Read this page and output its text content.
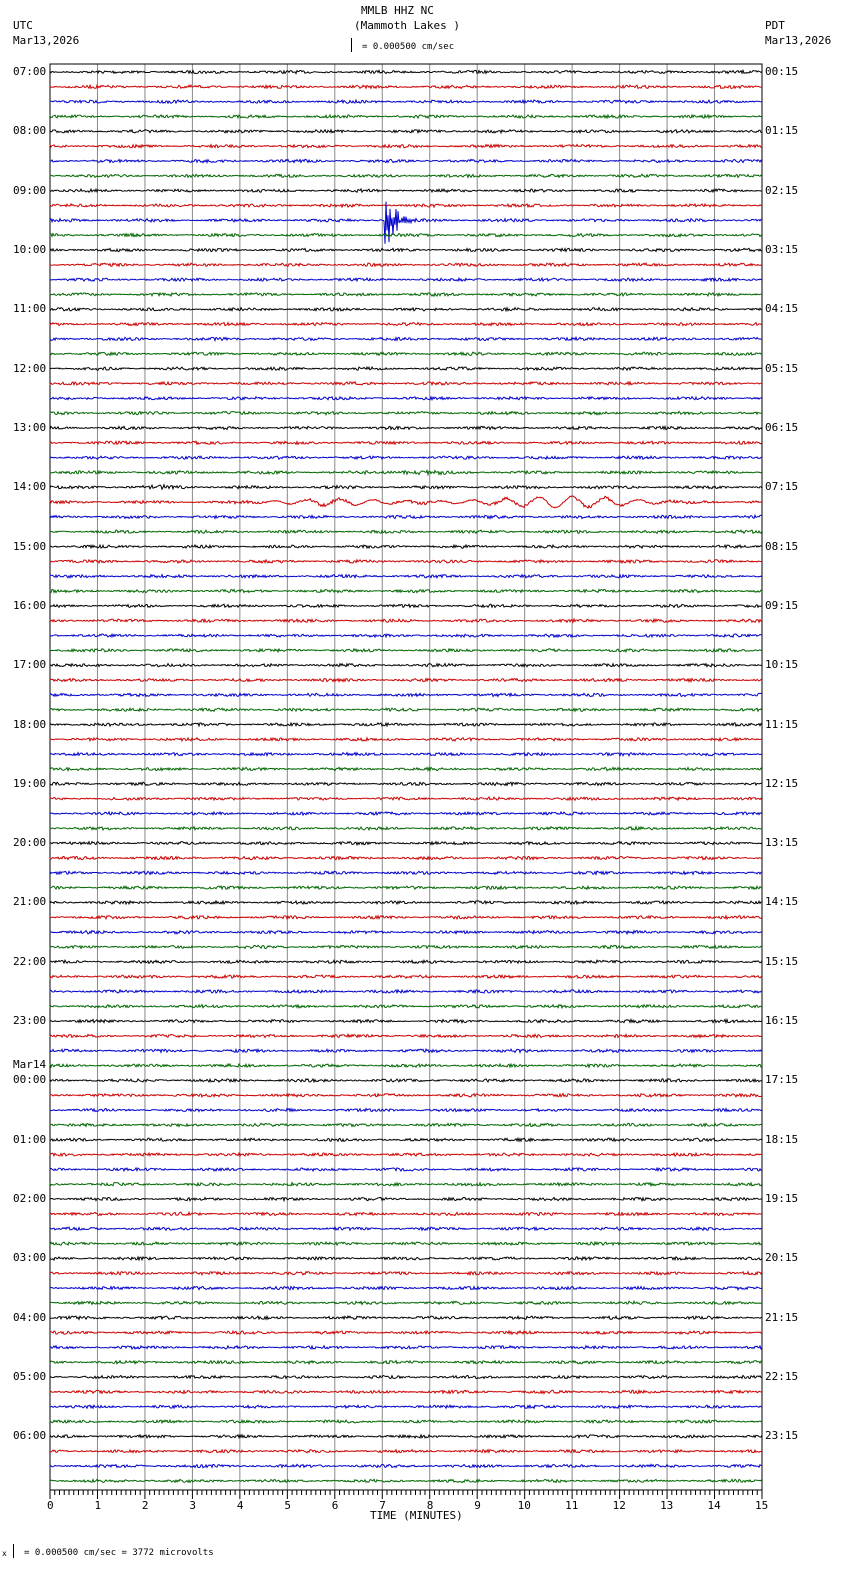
MMLB HHZ NC
(Mammoth Lakes )
UTC
Mar13,2026
PDT
Mar13,2026
= 0.000500 cm/sec
TIME (MINUTES)
x = 0.000500 cm/sec = 3772 microvolts
0	1	2	3	4	5	6	7	8	9	10	11	12	13	14	15
07:00
08:00
09:00
10:00
11:00
12:00
13:00
14:00
15:00
16:00
17:00
18:00
19:00
20:00
21:00
22:00
23:00
00:00
01:00
02:00
03:00
04:00
05:00
06:00
Mar14
00:15
01:15
02:15
03:15
04:15
05:15
06:15
07:15
08:15
09:15
10:15
11:15
12:15
13:15
14:15
15:15
16:15
17:15
18:15
19:15
20:15
21:15
22:15
23:15
